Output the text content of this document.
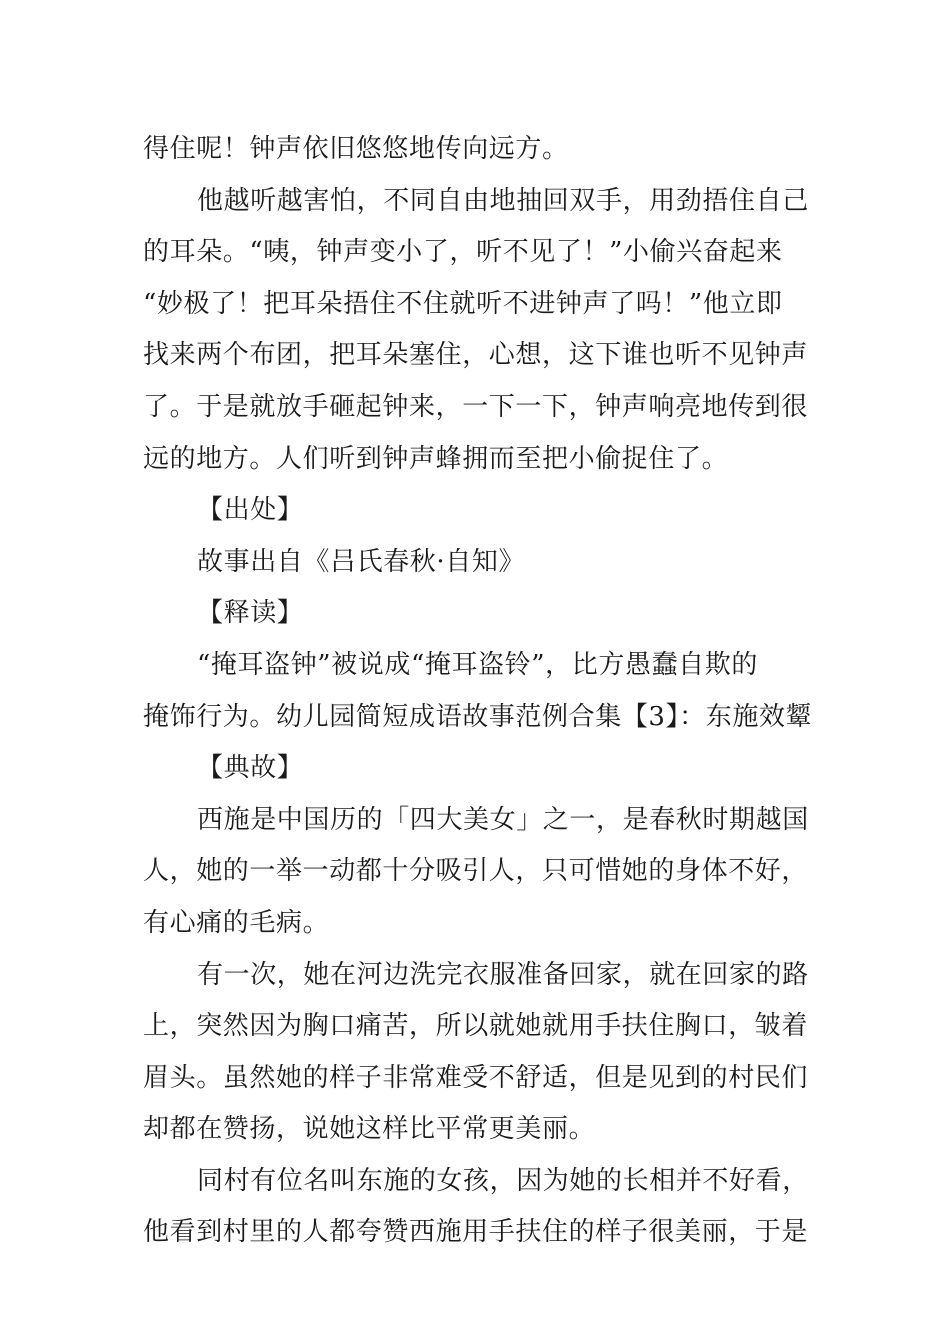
得住呢！钟声依旧悠悠地传向远方。
他越听越害怕，不同自由地抽回双手，用劲捂住自己
的耳朵。“咦，钟声变小了，听不见了！”小偷兴奋起来
“妙极了！把耳朵捂住不住就听不进钟声了吗！”他立即
找来两个布团，把耳朵塞住，心想，这下谁也听不见钟声
了。于是就放手砸起钟来，一下一下，钟声响亮地传到很
远的地方。人们听到钟声蜂拥而至把小偷捉住了。
【出处】
故事出自《吕氏春秋·自知》
【释读】
“掩耳盗钟”被说成“掩耳盗铃”，比方愚蠢自欺的
掩饰行为。幼儿园简短成语故事范例合集【3】：东施效颦
【典故】
西施是中国历的「四大美女」之一，是春秋时期越国
人，她的一举一动都十分吸引人，只可惜她的身体不好，
有心痛的毛病。
有一次，她在河边洗完衣服准备回家，就在回家的路
上，突然因为胸口痛苦，所以就她就用手扶住胸口，皱着
眉头。虽然她的样子非常难受不舒适，但是见到的村民们
却都在赞扬，说她这样比平常更美丽。
同村有位名叫东施的女孩，因为她的长相并不好看，
他看到村里的人都夸赞西施用手扶住的样子很美丽，于是
